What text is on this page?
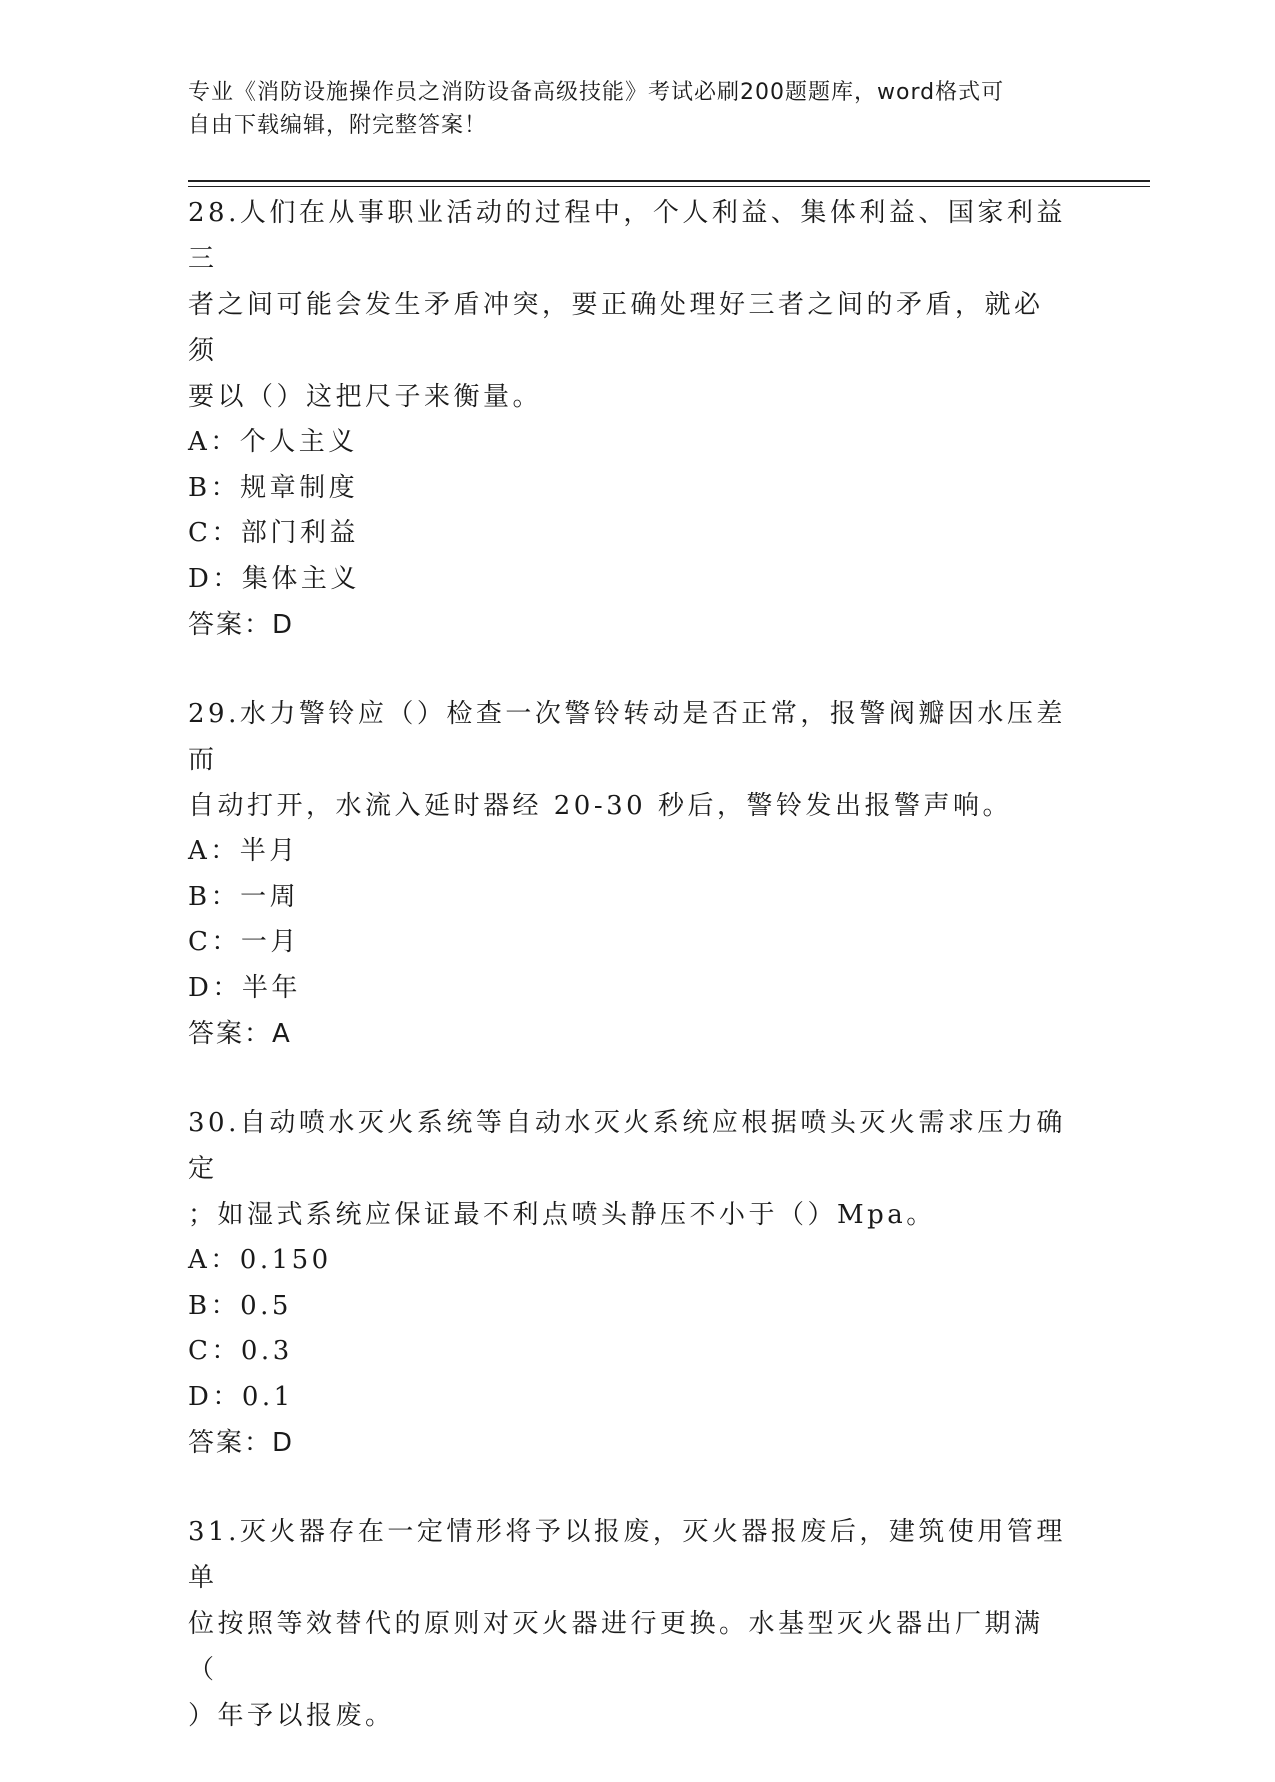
专业《消防设施操作员之消防设备高级技能》考试必刷200题题库，word格式可
自由下载编辑，附完整答案！

28.人们在从事职业活动的过程中，个人利益、集体利益、国家利益三

者之间可能会发生矛盾冲突，要正确处理好三者之间的矛盾，就必须

要以（）这把尺子来衡量。

A：个人主义

B：规章制度

C：部门利益

D：集体主义

答案：D

29.水力警铃应（）检查一次警铃转动是否正常，报警阀瓣因水压差而

自动打开，水流入延时器经 20-30 秒后，警铃发出报警声响。

A：半月

B：一周

C：一月

D：半年

答案：A

30.自动喷水灭火系统等自动水灭火系统应根据喷头灭火需求压力确定

；如湿式系统应保证最不利点喷头静压不小于（）Mpa。

A：0.150

B：0.5

C：0.3

D：0.1

答案：D

31.灭火器存在一定情形将予以报废，灭火器报废后，建筑使用管理单

位按照等效替代的原则对灭火器进行更换。水基型灭火器出厂期满（

）年予以报废。
